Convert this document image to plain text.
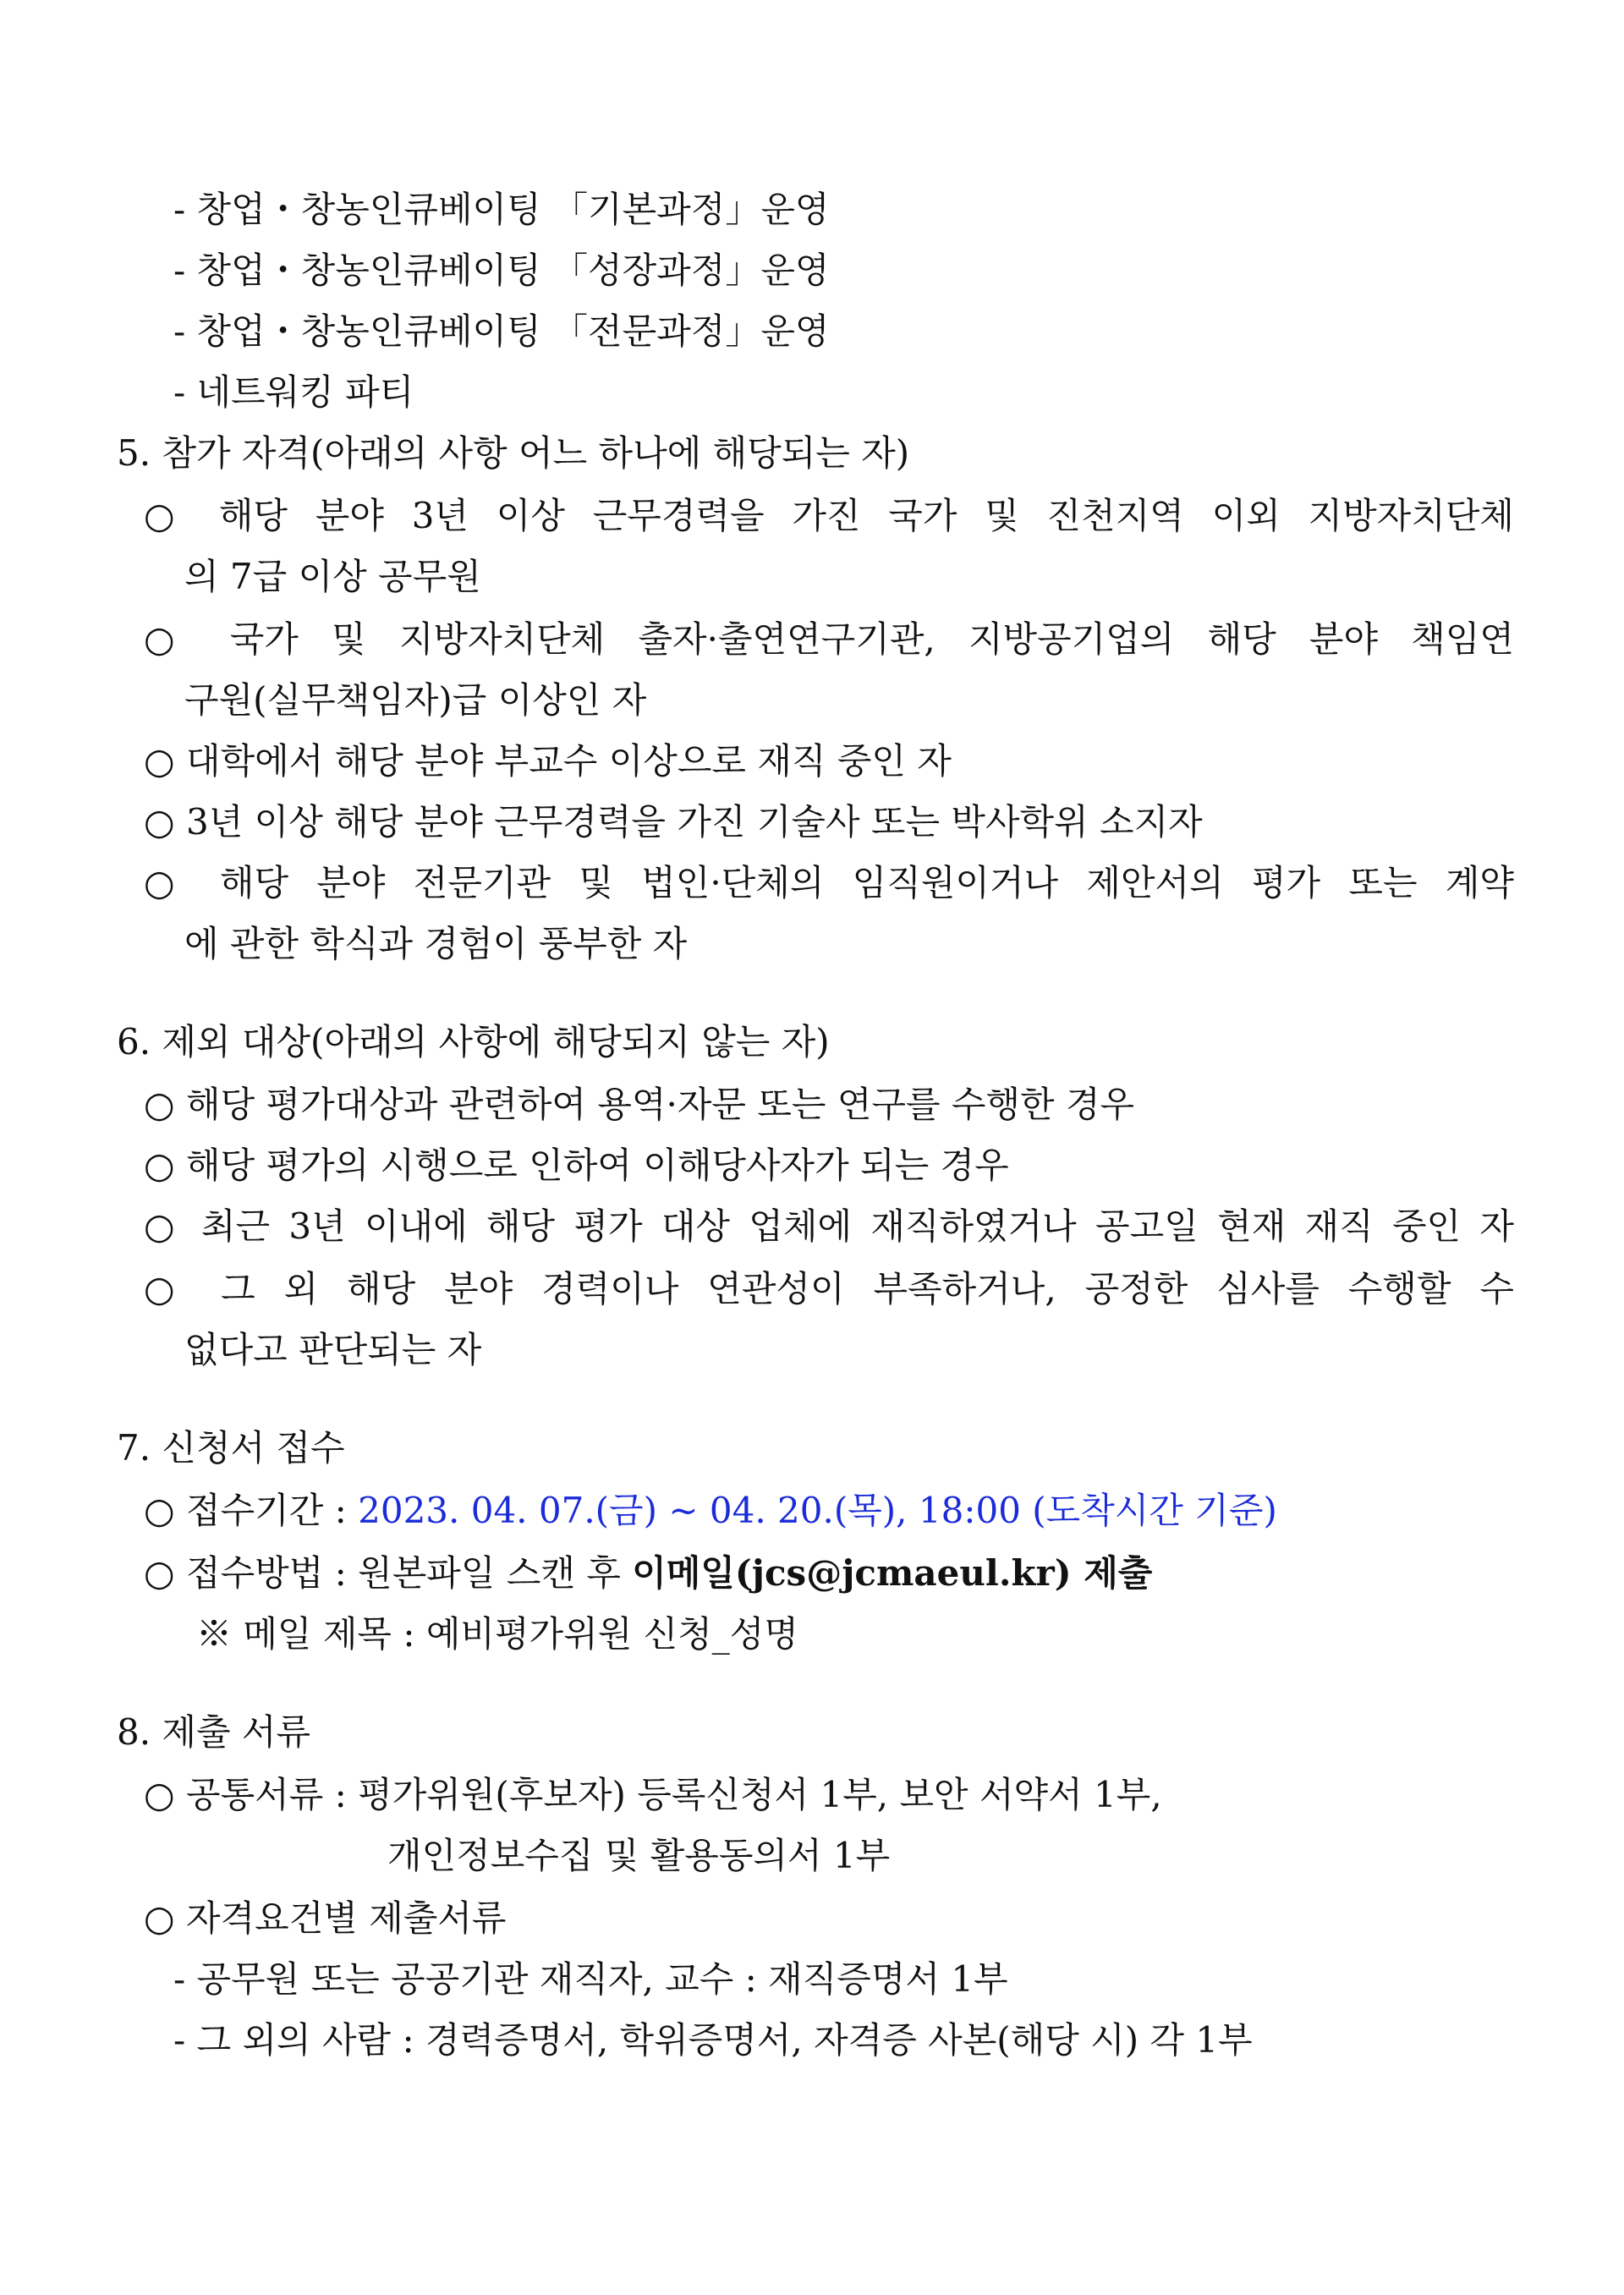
- 창업・창농인큐베이팅 「기본과정」운영
- 창업・창농인큐베이팅 「성장과정」운영
- 창업・창농인큐베이팅 「전문과정」운영
- 네트워킹 파티
5. 참가 자격(아래의 사항 어느 하나에 해당되는 자)
○ 해당 분야 3년 이상 근무경력을 가진 국가 및 진천지역 이외 지방자치단체
의 7급 이상 공무원
○ 국가 및 지방자치단체 출자·출연연구기관, 지방공기업의 해당 분야 책임연
구원(실무책임자)급 이상인 자
○ 대학에서 해당 분야 부교수 이상으로 재직 중인 자
○ 3년 이상 해당 분야 근무경력을 가진 기술사 또는 박사학위 소지자
○ 해당 분야 전문기관 및 법인·단체의 임직원이거나 제안서의 평가 또는 계약
에 관한 학식과 경험이 풍부한 자
6. 제외 대상(아래의 사항에 해당되지 않는 자)
○ 해당 평가대상과 관련하여 용역·자문 또는 연구를 수행한 경우
○ 해당 평가의 시행으로 인하여 이해당사자가 되는 경우
○ 최근 3년 이내에 해당 평가 대상 업체에 재직하였거나 공고일 현재 재직 중인 자
○ 그 외 해당 분야 경력이나 연관성이 부족하거나, 공정한 심사를 수행할 수
없다고 판단되는 자
7. 신청서 접수
○ 접수기간 : 2023. 04. 07.(금) ~ 04. 20.(목), 18:00 (도착시간 기준)
○ 접수방법 : 원본파일 스캔 후 이메일(jcs@jcmaeul.kr) 제출
※ 메일 제목 : 예비평가위원 신청_성명
8. 제출 서류
○ 공통서류 : 평가위원(후보자) 등록신청서 1부, 보안 서약서 1부,
개인정보수집 및 활용동의서 1부
○ 자격요건별 제출서류
- 공무원 또는 공공기관 재직자, 교수 : 재직증명서 1부
- 그 외의 사람 : 경력증명서, 학위증명서, 자격증 사본(해당 시) 각 1부
